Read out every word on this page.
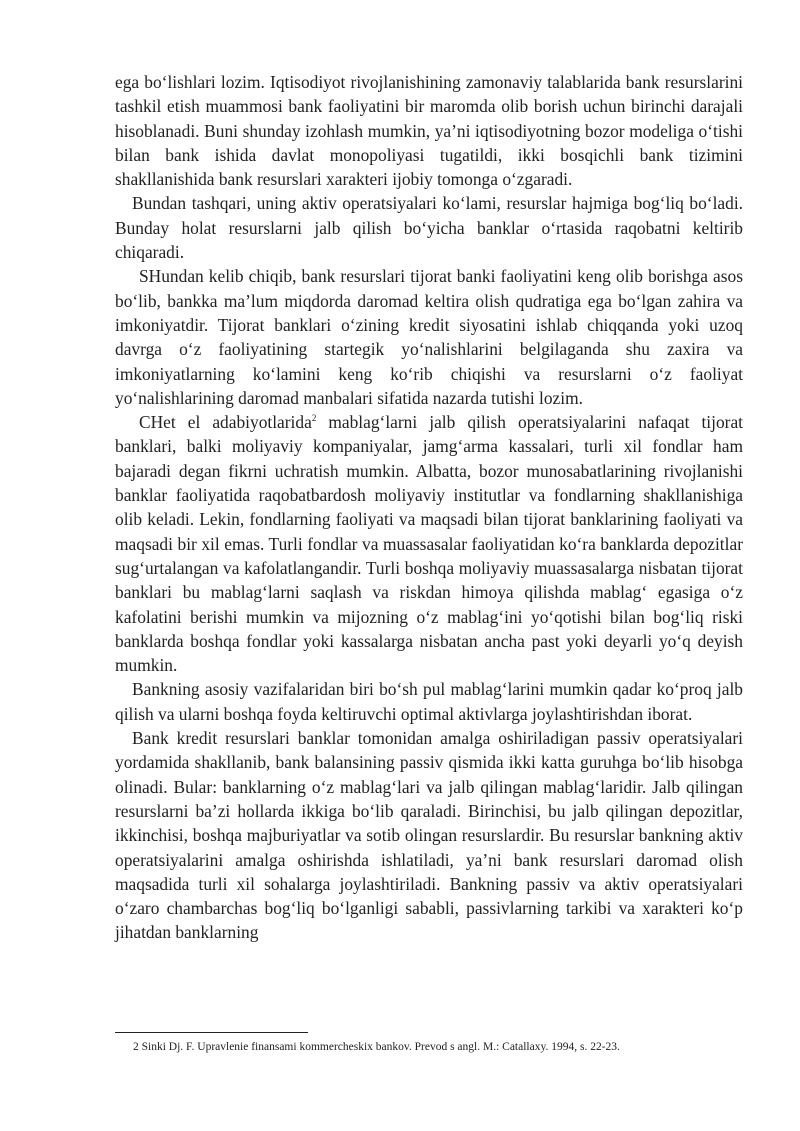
ega bo‘lishlari lozim. Iqtisodiyot rivojlanishining zamonaviy talablarida bank resurslarini tashkil etish muammosi bank faoliyatini bir maromda olib borish uchun birinchi darajali hisoblanadi. Buni shunday izohlash mumkin, ya’ni iqtisodiyotning bozor modeliga o‘tishi bilan bank ishida davlat monopoliyasi tugatildi, ikki bosqichli bank tizimini shakllanishida bank resurslari xarakteri ijobiy tomonga o‘zgaradi.

Bundan tashqari, uning aktiv operatsiyalari ko‘lami, resurslar hajmiga bog‘liq bo‘ladi. Bunday holat resurslarni jalb qilish bo‘yicha banklar o‘rtasida raqobatni keltirib chiqaradi.

SHundan kelib chiqib, bank resurslari tijorat banki faoliyatini keng olib borishga asos bo‘lib, bankka ma’lum miqdorda daromad keltira olish qudratiga ega bo‘lgan zahira va imkoniyatdir. Tijorat banklari o‘zining kredit siyosatini ishlab chiqqanda yoki uzoq davrga o‘z faoliyatining startegik yo‘nalishlarini belgilaganda shu zaxira va imkoniyatlarning ko‘lamini keng ko‘rib chiqishi va resurslarni o‘z faoliyat yo‘nalishlarining daromad manbalari sifatida nazarda tutishi lozim.

CHet el adabiyotlarida$^2$ mablag‘larni jalb qilish operatsiyalarini nafaqat tijorat banklari, balki moliyaviy kompaniyalar, jamg‘arma kassalari, turli xil fondlar ham bajaradi degan fikrni uchratish mumkin. Albatta, bozor munosabatlarining rivojlanishi banklar faoliyatida raqobatbardosh moliyaviy institutlar va fondlarning shakllanishiga olib keladi. Lekin, fondlarning faoliyati va maqsadi bilan tijorat banklarining faoliyati va maqsadi bir xil emas. Turli fondlar va muassasalar faoliyatidan ko‘ra banklarda depozitlar sug‘urtalangan va kafolatlangandir. Turli boshqa moliyaviy muassasalarga nisbatan tijorat banklari bu mablag‘larni saqlash va riskdan himoya qilishda mablag‘ egasiga o‘z kafolatini berishi mumkin va mijozning o‘z mablag‘ini yo‘qotishi bilan bog‘liq riski banklarda boshqa fondlar yoki kassalarga nisbatan ancha past yoki deyarli yo‘q deyish mumkin.

Bankning asosiy vazifalaridan biri bo‘sh pul mablag‘larini mumkin qadar ko‘proq jalb qilish va ularni boshqa foyda keltiruvchi optimal aktivlarga joylashtirishdan iborat.

Bank kredit resurslari banklar tomonidan amalga oshiriladigan passiv operatsiyalari yordamida shakllanib, bank balansining passiv qismida ikki katta guruhga bo‘lib hisobga olinadi. Bular: banklarning o‘z mablag‘lari va jalb qilingan mablag‘laridir. Jalb qilingan resurslarni ba’zi hollarda ikkiga bo‘lib qaraladi. Birinchisi, bu jalb qilingan depozitlar, ikkinchisi, boshqa majburiyatlar va sotib olingan resurslardir. Bu resurslar bankning aktiv operatsiyalarini amalga oshirishda ishlatiladi, ya’ni bank resurslari daromad olish maqsadida turli xil sohalarga joylashtiriladi. Bankning passiv va aktiv operatsiyalari o‘zaro chambarchas bog‘liq bo‘lganligi sababli, passivlarning tarkibi va xarakteri ko‘p jihatdan banklarning

2 Sinki Dj. F. Upravlenie finansami kommercheskix bankov. Prevod s angl. M.: Catallaxy. 1994, s. 22-23.
